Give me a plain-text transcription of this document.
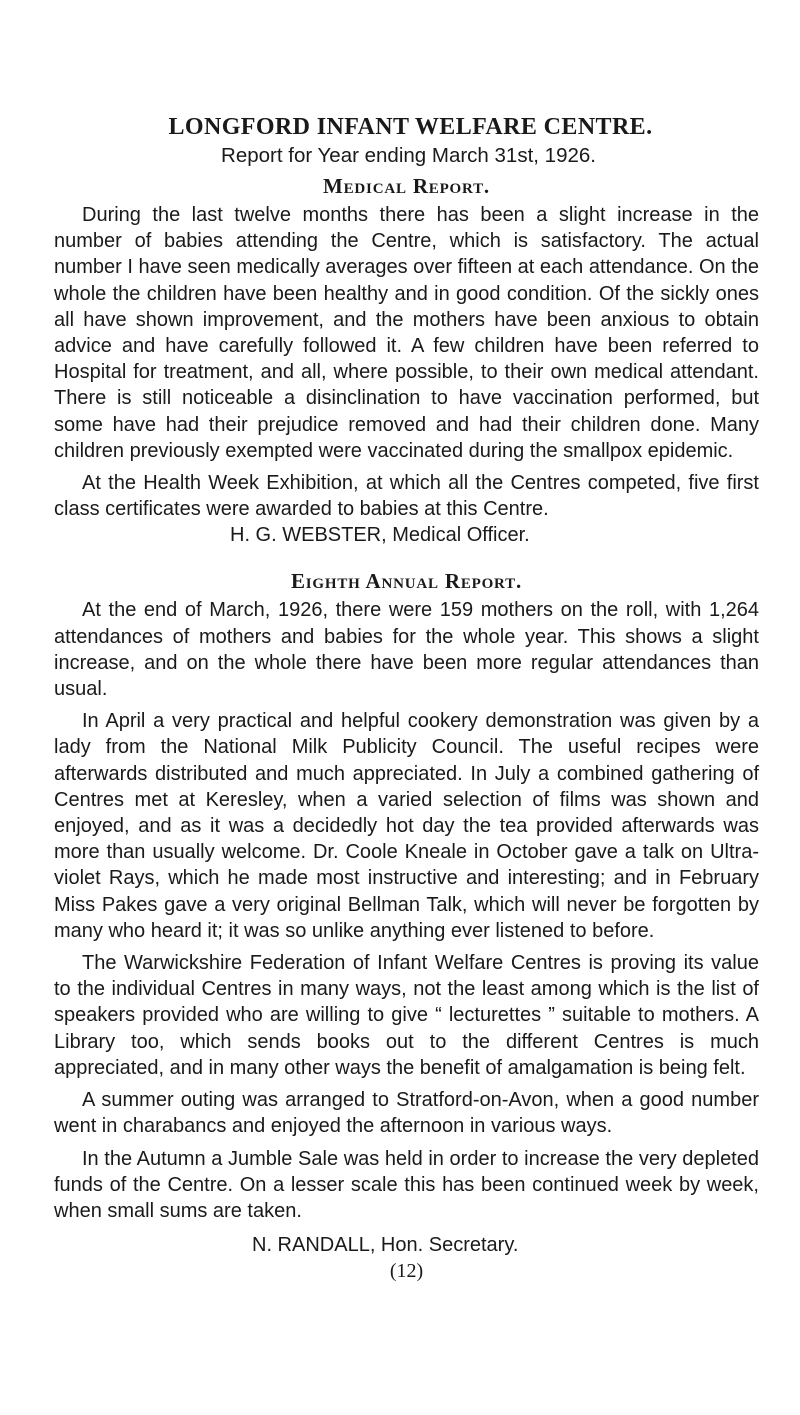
LONGFORD INFANT WELFARE CENTRE.
Report for Year ending March 31st, 1926.
Medical Report.

During the last twelve months there has been a slight increase in the number of babies attending the Centre, which is satisfactory. The actual number I have seen medically averages over fifteen at each attendance. On the whole the children have been healthy and in good condition. Of the sickly ones all have shown improvement, and the mothers have been anxious to obtain advice and have carefully followed it. A few children have been referred to Hospital for treatment, and all, where possible, to their own medical attendant. There is still noticeable a disinclination to have vaccination performed, but some have had their prejudice removed and had their children done. Many children previously exempted were vaccinated during the smallpox epidemic.

At the Health Week Exhibition, at which all the Centres competed, five first class certificates were awarded to babies at this Centre.

H. G. WEBSTER, Medical Officer.
Eighth Annual Report.

At the end of March, 1926, there were 159 mothers on the roll, with 1,264 attendances of mothers and babies for the whole year. This shows a slight increase, and on the whole there have been more regular attendances than usual.

In April a very practical and helpful cookery demonstration was given by a lady from the National Milk Publicity Council. The useful recipes were afterwards distributed and much appreciated. In July a combined gathering of Centres met at Keresley, when a varied selection of films was shown and enjoyed, and as it was a decidedly hot day the tea provided afterwards was more than usually welcome. Dr. Coole Kneale in October gave a talk on Ultra-violet Rays, which he made most instructive and interesting; and in February Miss Pakes gave a very original Bellman Talk, which will never be forgotten by many who heard it; it was so unlike anything ever listened to before.

The Warwickshire Federation of Infant Welfare Centres is proving its value to the individual Centres in many ways, not the least among which is the list of speakers provided who are willing to give “ lecturettes ” suitable to mothers. A Library too, which sends books out to the different Centres is much appreciated, and in many other ways the benefit of amalgamation is being felt.

A summer outing was arranged to Stratford-on-Avon, when a good number went in charabancs and enjoyed the afternoon in various ways.

In the Autumn a Jumble Sale was held in order to increase the very depleted funds of the Centre. On a lesser scale this has been continued week by week, when small sums are taken.

N. RANDALL, Hon. Secretary.
(12)
